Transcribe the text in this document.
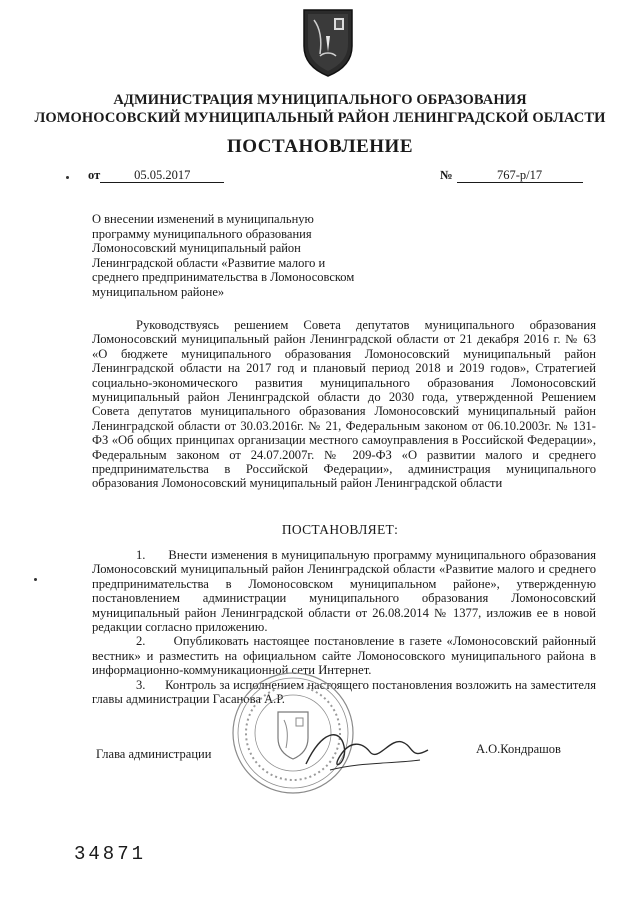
АДМИНИСТРАЦИЯ МУНИЦИПАЛЬНОГО ОБРАЗОВАНИЯ
ЛОМОНОСОВСКИЙ МУНИЦИПАЛЬНЫЙ РАЙОН ЛЕНИНГРАДСКОЙ ОБЛАСТИ
ПОСТАНОВЛЕНИЕ
от	05.05.2017	№	767-р/17
О внесении изменений в муниципальную
программу муниципального образования
Ломоносовский муниципальный район
Ленинградской области «Развитие малого и
среднего предпринимательства в Ломоносовском
муниципальном районе»
Руководствуясь решением Совета депутатов муниципального образования Ломоносовский муниципальный район Ленинградской области от 21 декабря 2016 г. № 63 «О бюджете муниципального образования Ломоносовский муниципальный район Ленинградской области на 2017 год и плановый период 2018 и 2019 годов», Стратегией социально-экономического развития муниципального образования Ломоносовский муниципальный район Ленинградской области до 2030 года, утвержденной Решением Совета депутатов муниципального образования Ломоносовский муниципальный район Ленинградской области от 30.03.2016г. № 21, Федеральным законом от 06.10.2003г. № 131-ФЗ «Об общих принципах организации местного самоуправления в Российской Федерации», Федеральным законом от 24.07.2007г. № 209-ФЗ «О развитии малого и среднего предпринимательства в Российской Федерации», администрация муниципального образования Ломоносовский муниципальный район Ленинградской области
ПОСТАНОВЛЯЕТ:

1.      Внести изменения в муниципальную программу муниципального образования Ломоносовский муниципальный район Ленинградской области «Развитие малого и среднего предпринимательства в Ломоносовском муниципальном районе», утвержденную постановлением администрации муниципального образования Ломоносовский муниципальный район Ленинградской области от 26.08.2014 № 1377, изложив ее в новой редакции согласно приложению.

2.      Опубликовать настоящее постановление в газете «Ломоносовский районный вестник» и разместить на официальном сайте Ломоносовского муниципального района в информационно-коммуникационной сети Интернет.

3.      Контроль за исполнением настоящего постановления возложить на заместителя главы администрации Гасанова А.Р.

Глава администрации	А.О.Кондрашов
34871
